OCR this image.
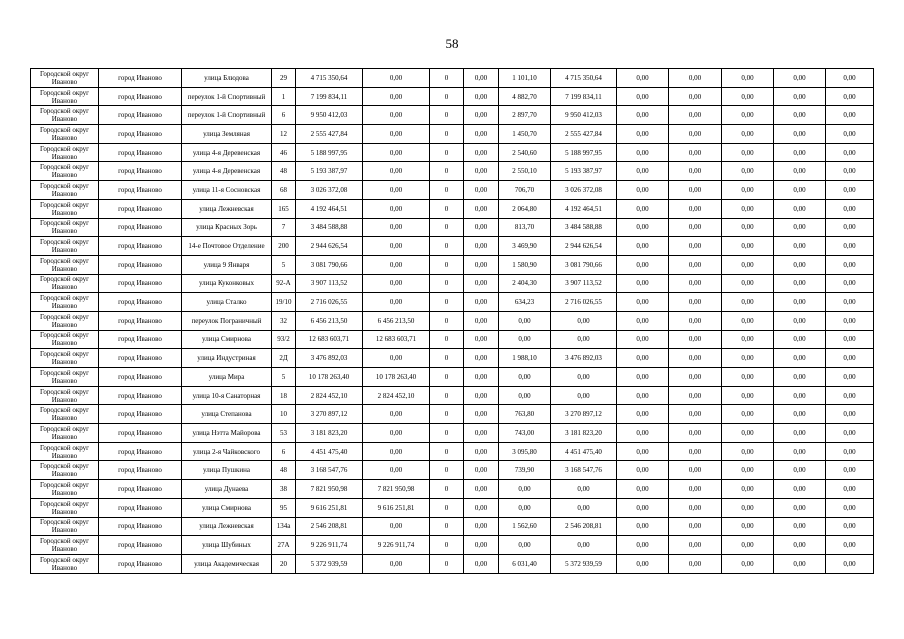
58
Городской округ Иваново	город Иваново	улица Блюдова	29	4 715 350,64	0,00	0	0,00	1 101,10	4 715 350,64	0,00	0,00	0,00	0,00	0,00
Городской округ Иваново	город Иваново	переулок 1-й Спортивный	1	7 199 834,11	0,00	0	0,00	4 882,70	7 199 834,11	0,00	0,00	0,00	0,00	0,00
Городской округ Иваново	город Иваново	переулок 1-й Спортивный	6	9 950 412,03	0,00	0	0,00	2 897,70	9 950 412,03	0,00	0,00	0,00	0,00	0,00
Городской округ Иваново	город Иваново	улица Земляная	12	2 555 427,84	0,00	0	0,00	1 450,70	2 555 427,84	0,00	0,00	0,00	0,00	0,00
Городской округ Иваново	город Иваново	улица 4-я Деревенская	46	5 188 997,95	0,00	0	0,00	2 540,60	5 188 997,95	0,00	0,00	0,00	0,00	0,00
Городской округ Иваново	город Иваново	улица 4-я Деревенская	48	5 193 387,97	0,00	0	0,00	2 550,10	5 193 387,97	0,00	0,00	0,00	0,00	0,00
Городской округ Иваново	город Иваново	улица 11-я Сосновская	68	3 026 372,08	0,00	0	0,00	706,70	3 026 372,08	0,00	0,00	0,00	0,00	0,00
Городской округ Иваново	город Иваново	улица Лежневская	165	4 192 464,51	0,00	0	0,00	2 064,80	4 192 464,51	0,00	0,00	0,00	0,00	0,00
Городской округ Иваново	город Иваново	улица Красных Зорь	7	3 484 588,88	0,00	0	0,00	813,70	3 484 588,88	0,00	0,00	0,00	0,00	0,00
Городской округ Иваново	город Иваново	14-е Почтовое Отделение	200	2 944 626,54	0,00	0	0,00	3 469,90	2 944 626,54	0,00	0,00	0,00	0,00	0,00
Городской округ Иваново	город Иваново	улица 9 Января	5	3 081 790,66	0,00	0	0,00	1 580,90	3 081 790,66	0,00	0,00	0,00	0,00	0,00
Городской округ Иваново	город Иваново	улица Куконковых	92-А	3 907 113,52	0,00	0	0,00	2 404,30	3 907 113,52	0,00	0,00	0,00	0,00	0,00
Городской округ Иваново	город Иваново	улица Сталко	19/10	2 716 026,55	0,00	0	0,00	634,23	2 716 026,55	0,00	0,00	0,00	0,00	0,00
Городской округ Иваново	город Иваново	переулок Пограничный	32	6 456 213,50	6 456 213,50	0	0,00	0,00	0,00	0,00	0,00	0,00	0,00	0,00
Городской округ Иваново	город Иваново	улица Смирнова	93/2	12 683 603,71	12 683 603,71	0	0,00	0,00	0,00	0,00	0,00	0,00	0,00	0,00
Городской округ Иваново	город Иваново	улица Индустриная	2Д	3 476 892,03	0,00	0	0,00	1 988,10	3 476 892,03	0,00	0,00	0,00	0,00	0,00
Городской округ Иваново	город Иваново	улица Мира	5	10 178 263,40	10 178 263,40	0	0,00	0,00	0,00	0,00	0,00	0,00	0,00	0,00
Городской округ Иваново	город Иваново	улица 10-я Санаторная	18	2 824 452,10	2 824 452,10	0	0,00	0,00	0,00	0,00	0,00	0,00	0,00	0,00
Городской округ Иваново	город Иваново	улица Степанова	10	3 270 897,12	0,00	0	0,00	763,80	3 270 897,12	0,00	0,00	0,00	0,00	0,00
Городской округ Иваново	город Иваново	улица Нэтта Майорова	53	3 181 823,20	0,00	0	0,00	743,00	3 181 823,20	0,00	0,00	0,00	0,00	0,00
Городской округ Иваново	город Иваново	улица 2-я Чайковского	6	4 451 475,40	0,00	0	0,00	3 095,80	4 451 475,40	0,00	0,00	0,00	0,00	0,00
Городской округ Иваново	город Иваново	улица Пушкина	48	3 168 547,76	0,00	0	0,00	739,90	3 168 547,76	0,00	0,00	0,00	0,00	0,00
Городской округ Иваново	город Иваново	улица Дунаева	38	7 821 950,98	7 821 950,98	0	0,00	0,00	0,00	0,00	0,00	0,00	0,00	0,00
Городской округ Иваново	город Иваново	улица Смирнова	95	9 616 251,81	9 616 251,81	0	0,00	0,00	0,00	0,00	0,00	0,00	0,00	0,00
Городской округ Иваново	город Иваново	улица Лежневская	134а	2 546 208,81	0,00	0	0,00	1 562,60	2 546 208,81	0,00	0,00	0,00	0,00	0,00
Городской округ Иваново	город Иваново	улица Шубиных	27А	9 226 911,74	9 226 911,74	0	0,00	0,00	0,00	0,00	0,00	0,00	0,00	0,00
Городской округ Иваново	город Иваново	улица Академическая	20	5 372 939,59	0,00	0	0,00	6 031,40	5 372 939,59	0,00	0,00	0,00	0,00	0,00
